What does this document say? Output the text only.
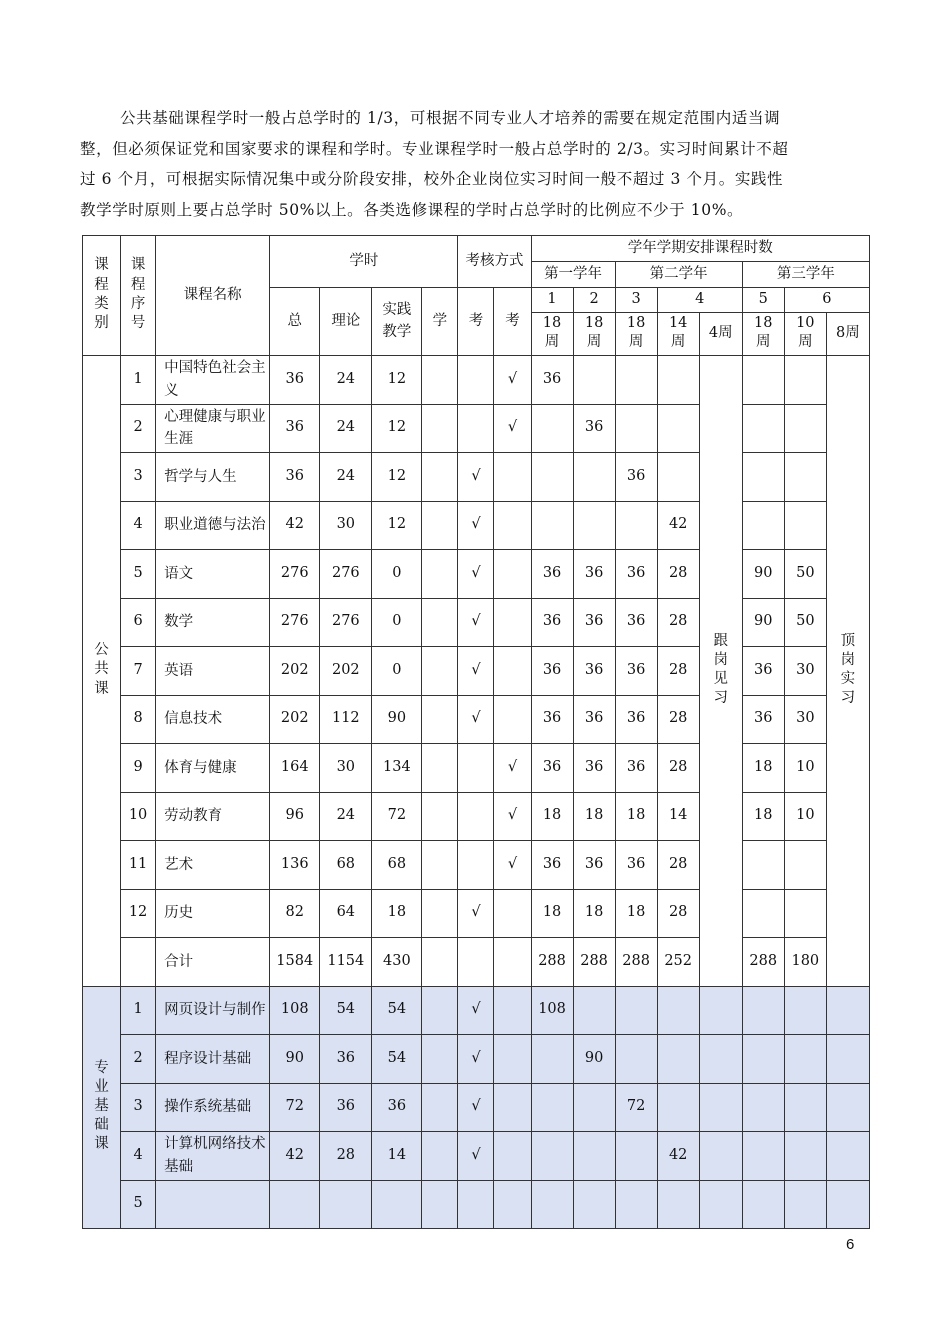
公共基础课程学时一般占总学时的 1/3，可根据不同专业人才培养的需要在规定范围内适当调
整，但必须保证党和国家要求的课程和学时。专业课程学时一般占总学时的 2/3。实习时间累计不超
过 6 个月，可根据实际情况集中或分阶段安排，校外企业岗位实习时间一般不超过 3 个月。实践性
教学学时原则上要占总学时 50%以上。各类选修课程的学时占总学时的比例应不少于 10%。

课程类别	课程序号	课程名称	学时				考核方式		学年学期安排课程时数							
									第一学年		第二学年			第三学年		
			总	理论	实践教学	学	考	考	1	2	3	4		5	6	
									18周	18周	18周	14周	4周	18周	10周	8周
公共课	1	中国特色社会主义	36	24	12			√	36				跟岗见习			顶岗实习
	2	心理健康与职业生涯	36	24	12			√		36						
	3	哲学与人生	36	24	12		√				36					
	4	职业道德与法治	42	30	12		√					42				
	5	语文	276	276	0		√		36	36	36	28		90	50	
	6	数学	276	276	0		√		36	36	36	28		90	50	
	7	英语	202	202	0		√		36	36	36	28		36	30	
	8	信息技术	202	112	90		√		36	36	36	28		36	30	
	9	体育与健康	164	30	134			√	36	36	36	28		18	10	
	10	劳动教育	96	24	72			√	18	18	18	14		18	10	
	11	艺术	136	68	68			√	36	36	36	28				
	12	历史	82	64	18		√		18	18	18	28				
		合计	1584	1154	430				288	288	288	252		288	180	
专业基础课	1	网页设计与制作	108	54	54		√		108							
	2	程序设计基础	90	36	54		√			90						
	3	操作系统基础	72	36	36		√				72					
	4	计算机网络技术基础	42	28	14		√					42				
	5															
6
